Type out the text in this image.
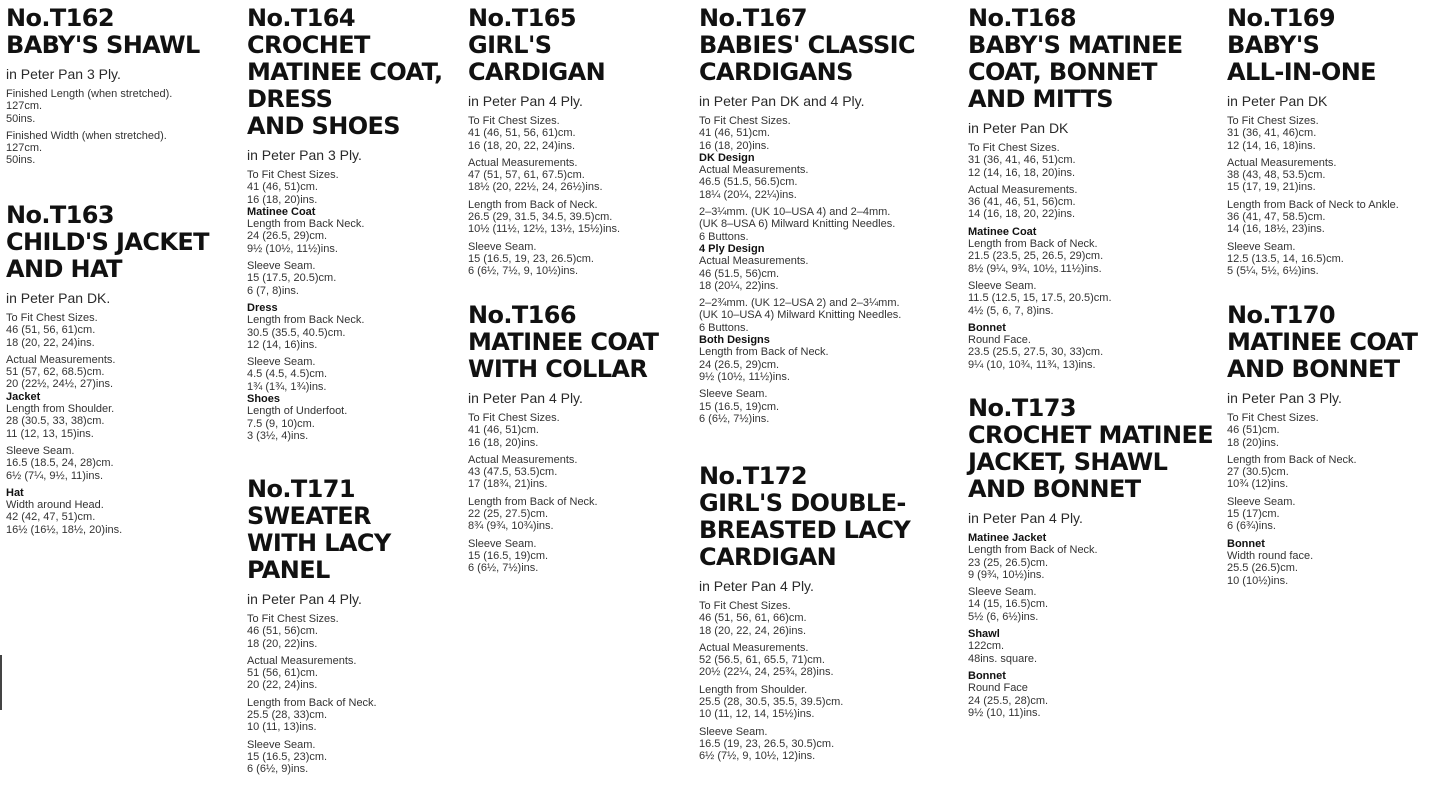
No.T162
BABY'S SHAWL
in Peter Pan 3 Ply.
Finished Length (when stretched).
127cm.
50ins.
Finished Width (when stretched).
127cm.
50ins.
No.T163
CHILD'S JACKET
AND HAT
in Peter Pan DK.
To Fit Chest Sizes.
46 (51, 56, 61)cm.
18 (20, 22, 24)ins.
Actual Measurements.
51 (57, 62, 68.5)cm.
20 (22½, 24½, 27)ins.
Jacket
Length from Shoulder.
28 (30.5, 33, 38)cm.
11 (12, 13, 15)ins.
Sleeve Seam.
16.5 (18.5, 24, 28)cm.
6½ (7¼, 9½, 11)ins.
Hat
Width around Head.
42 (42, 47, 51)cm.
16½ (16½, 18½, 20)ins.
No.T164
CROCHET
MATINEE COAT,
DRESS
AND SHOES
in Peter Pan 3 Ply.
To Fit Chest Sizes.
41 (46, 51)cm.
16 (18, 20)ins.
Matinee Coat
Length from Back Neck.
24 (26.5, 29)cm.
9½ (10½, 11½)ins.
Sleeve Seam.
15 (17.5, 20.5)cm.
6 (7, 8)ins.
Dress
Length from Back Neck.
30.5 (35.5, 40.5)cm.
12 (14, 16)ins.
Sleeve Seam.
4.5 (4.5, 4.5)cm.
1¾ (1¾, 1¾)ins.
Shoes
Length of Underfoot.
7.5 (9, 10)cm.
3 (3½, 4)ins.
No.T171
SWEATER
WITH LACY
PANEL
in Peter Pan 4 Ply.
To Fit Chest Sizes.
46 (51, 56)cm.
18 (20, 22)ins.
Actual Measurements.
51 (56, 61)cm.
20 (22, 24)ins.
Length from Back of Neck.
25.5 (28, 33)cm.
10 (11, 13)ins.
Sleeve Seam.
15 (16.5, 23)cm.
6 (6½, 9)ins.
No.T165
GIRL'S
CARDIGAN
in Peter Pan 4 Ply.
To Fit Chest Sizes.
41 (46, 51, 56, 61)cm.
16 (18, 20, 22, 24)ins.
Actual Measurements.
47 (51, 57, 61, 67.5)cm.
18½ (20, 22½, 24, 26½)ins.
Length from Back of Neck.
26.5 (29, 31.5, 34.5, 39.5)cm.
10½ (11½, 12½, 13½, 15½)ins.
Sleeve Seam.
15 (16.5, 19, 23, 26.5)cm.
6 (6½, 7½, 9, 10½)ins.
No.T166
MATINEE COAT
WITH COLLAR
in Peter Pan 4 Ply.
To Fit Chest Sizes.
41 (46, 51)cm.
16 (18, 20)ins.
Actual Measurements.
43 (47.5, 53.5)cm.
17 (18¾, 21)ins.
Length from Back of Neck.
22 (25, 27.5)cm.
8¾ (9¾, 10¾)ins.
Sleeve Seam.
15 (16.5, 19)cm.
6 (6½, 7½)ins.
No.T167
BABIES' CLASSIC
CARDIGANS
in Peter Pan DK and 4 Ply.
To Fit Chest Sizes.
41 (46, 51)cm.
16 (18, 20)ins.
DK Design
Actual Measurements.
46.5 (51.5, 56.5)cm.
18¼ (20¼, 22¼)ins.
2–3¼mm. (UK 10–USA 4) and 2–4mm.
(UK 8–USA 6) Milward Knitting Needles.
6 Buttons.
4 Ply Design
Actual Measurements.
46 (51.5, 56)cm.
18 (20¼, 22)ins.
2–2¾mm. (UK 12–USA 2) and 2–3¼mm.
(UK 10–USA 4) Milward Knitting Needles.
6 Buttons.
Both Designs
Length from Back of Neck.
24 (26.5, 29)cm.
9½ (10½, 11½)ins.
Sleeve Seam.
15 (16.5, 19)cm.
6 (6½, 7½)ins.
No.T172
GIRL'S DOUBLE-
BREASTED LACY
CARDIGAN
in Peter Pan 4 Ply.
To Fit Chest Sizes.
46 (51, 56, 61, 66)cm.
18 (20, 22, 24, 26)ins.
Actual Measurements.
52 (56.5, 61, 65.5, 71)cm.
20½ (22¼, 24, 25¾, 28)ins.
Length from Shoulder.
25.5 (28, 30.5, 35.5, 39.5)cm.
10 (11, 12, 14, 15½)ins.
Sleeve Seam.
16.5 (19, 23, 26.5, 30.5)cm.
6½ (7½, 9, 10½, 12)ins.
No.T168
BABY'S MATINEE
COAT, BONNET
AND MITTS
in Peter Pan DK
To Fit Chest Sizes.
31 (36, 41, 46, 51)cm.
12 (14, 16, 18, 20)ins.
Actual Measurements.
36 (41, 46, 51, 56)cm.
14 (16, 18, 20, 22)ins.
Matinee Coat
Length from Back of Neck.
21.5 (23.5, 25, 26.5, 29)cm.
8½ (9¼, 9¾, 10½, 11½)ins.
Sleeve Seam.
11.5 (12.5, 15, 17.5, 20.5)cm.
4½ (5, 6, 7, 8)ins.
Bonnet
Round Face.
23.5 (25.5, 27.5, 30, 33)cm.
9¼ (10, 10¾, 11¾, 13)ins.
No.T173
CROCHET MATINEE
JACKET, SHAWL
AND BONNET
in Peter Pan 4 Ply.
Matinee Jacket
Length from Back of Neck.
23 (25, 26.5)cm.
9 (9¾, 10½)ins.
Sleeve Seam.
14 (15, 16.5)cm.
5½ (6, 6½)ins.
Shawl
122cm.
48ins. square.
Bonnet
Round Face
24 (25.5, 28)cm.
9½ (10, 11)ins.
No.T169
BABY'S
ALL-IN-ONE
in Peter Pan DK
To Fit Chest Sizes.
31 (36, 41, 46)cm.
12 (14, 16, 18)ins.
Actual Measurements.
38 (43, 48, 53.5)cm.
15 (17, 19, 21)ins.
Length from Back of Neck to Ankle.
36 (41, 47, 58.5)cm.
14 (16, 18½, 23)ins.
Sleeve Seam.
12.5 (13.5, 14, 16.5)cm.
5 (5¼, 5½, 6½)ins.
No.T170
MATINEE COAT
AND BONNET
in Peter Pan 3 Ply.
To Fit Chest Sizes.
46 (51)cm.
18 (20)ins.
Length from Back of Neck.
27 (30.5)cm.
10¾ (12)ins.
Sleeve Seam.
15 (17)cm.
6 (6¾)ins.
Bonnet
Width round face.
25.5 (26.5)cm.
10 (10½)ins.
